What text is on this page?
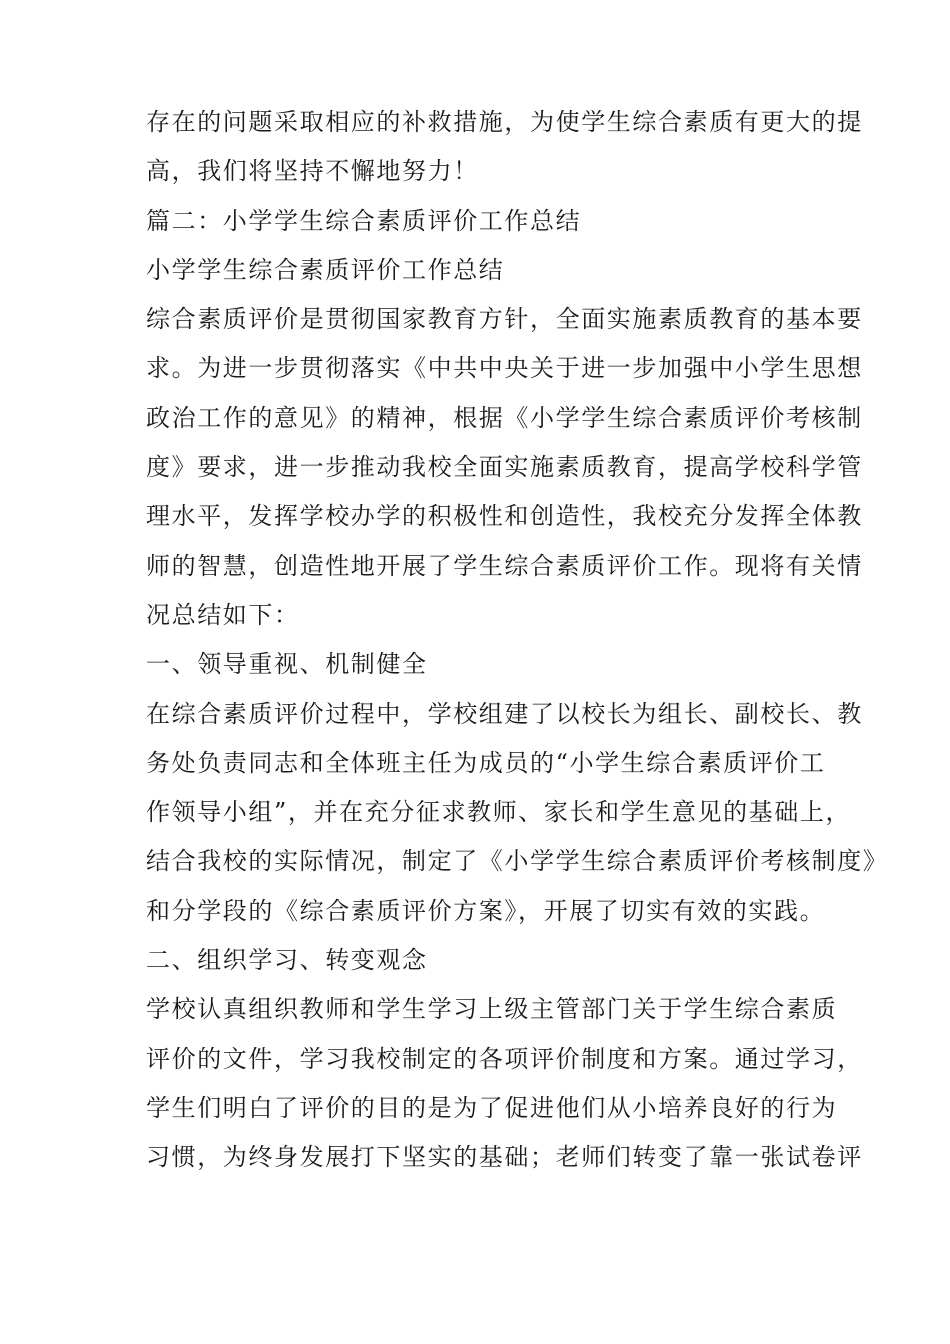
存在的问题采取相应的补救措施，为使学生综合素质有更大的提
高，我们将坚持不懈地努力！
篇二：小学学生综合素质评价工作总结
小学学生综合素质评价工作总结
综合素质评价是贯彻国家教育方针，全面实施素质教育的基本要
求。为进一步贯彻落实《中共中央关于进一步加强中小学生思想
政治工作的意见》的精神，根据《小学学生综合素质评价考核制
度》要求，进一步推动我校全面实施素质教育，提高学校科学管
理水平，发挥学校办学的积极性和创造性，我校充分发挥全体教
师的智慧，创造性地开展了学生综合素质评价工作。现将有关情
况总结如下：
一、领导重视、机制健全
在综合素质评价过程中，学校组建了以校长为组长、副校长、教
务处负责同志和全体班主任为成员的“小学生综合素质评价工
作领导小组”，并在充分征求教师、家长和学生意见的基础上，
结合我校的实际情况，制定了《小学学生综合素质评价考核制度》
和分学段的《综合素质评价方案》，开展了切实有效的实践。
二、组织学习、转变观念
学校认真组织教师和学生学习上级主管部门关于学生综合素质
评价的文件，学习我校制定的各项评价制度和方案。通过学习，
学生们明白了评价的目的是为了促进他们从小培养良好的行为
习惯，为终身发展打下坚实的基础；老师们转变了靠一张试卷评
